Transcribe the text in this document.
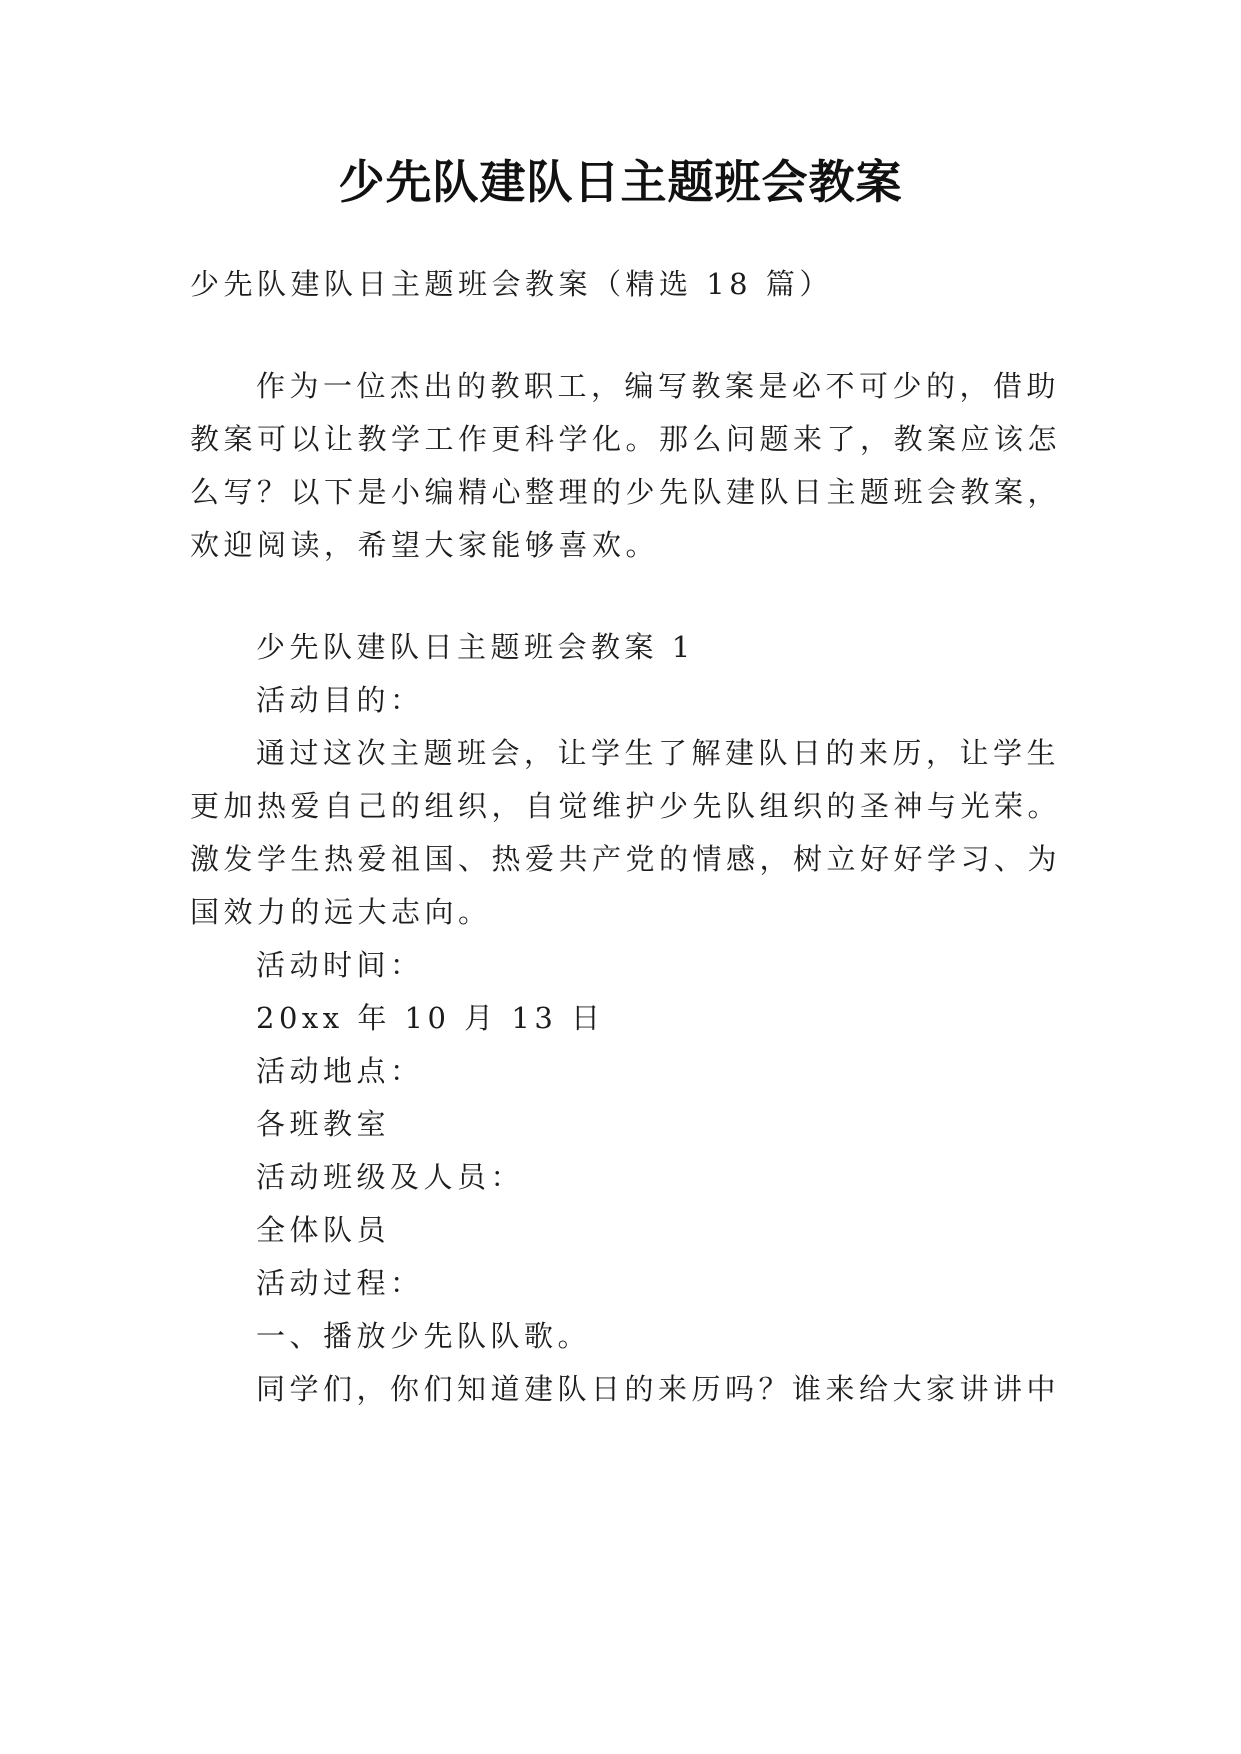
少先队建队日主题班会教案
少先队建队日主题班会教案（精选 18 篇）
作为一位杰出的教职工，编写教案是必不可少的，借助
教案可以让教学工作更科学化。那么问题来了，教案应该怎
么写？以下是小编精心整理的少先队建队日主题班会教案，
欢迎阅读，希望大家能够喜欢。
少先队建队日主题班会教案 1
活动目的：
通过这次主题班会，让学生了解建队日的来历，让学生
更加热爱自己的组织，自觉维护少先队组织的圣神与光荣。
激发学生热爱祖国、热爱共产党的情感，树立好好学习、为
国效力的远大志向。
活动时间：
20xx 年 10 月 13 日
活动地点：
各班教室
活动班级及人员：
全体队员
活动过程：
一、播放少先队队歌。
同学们，你们知道建队日的来历吗？谁来给大家讲讲中
